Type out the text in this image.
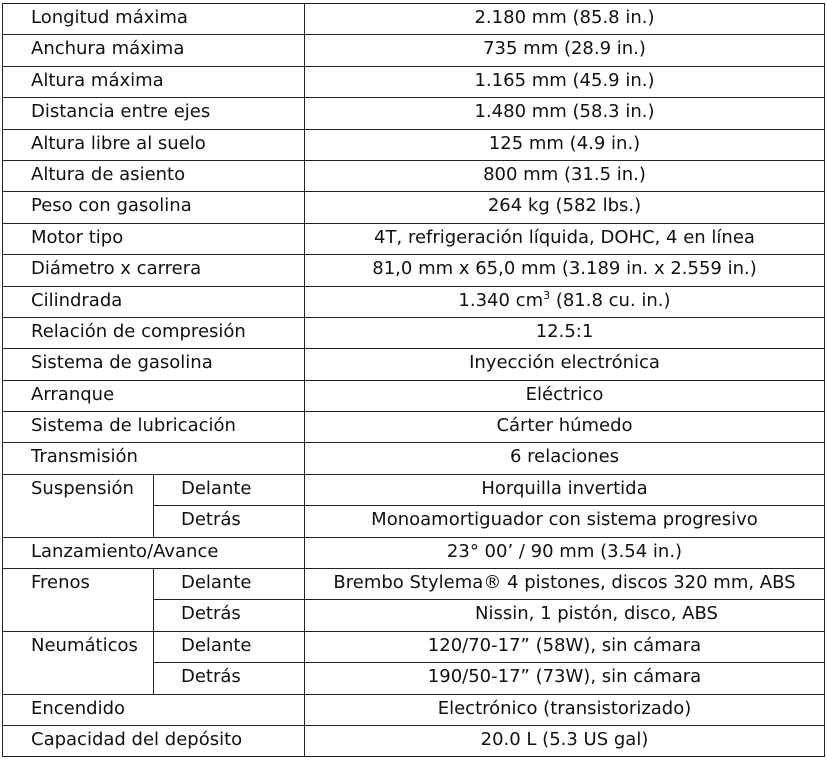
Longitud máxima		2.180 mm (85.8 in.)
Anchura máxima		735 mm (28.9 in.)
Altura máxima		1.165 mm (45.9 in.)
Distancia entre ejes		1.480 mm (58.3 in.)
Altura libre al suelo		125 mm (4.9 in.)
Altura de asiento		800 mm (31.5 in.)
Peso con gasolina		264 kg (582 lbs.)
Motor tipo		4T, refrigeración líquida, DOHC, 4 en línea
Diámetro x carrera		81,0 mm x 65,0 mm (3.189 in. x 2.559 in.)
Cilindrada		1.340 $cm^3$ (81.8 cu. in.)
Relación de compresión		12.5:1
Sistema de gasolina		Inyección electrónica
Arranque		Eléctrico
Sistema de lubricación		Cárter húmedo
Transmisión		6 relaciones
Suspensión	Delante	Horquilla invertida
	Detrás	Monoamortiguador con sistema progresivo
Lanzamiento/Avance		23° 00’ / 90 mm (3.54 in.)
Frenos	Delante	Brembo Stylema® 4 pistones, discos 320 mm, ABS
	Detrás	Nissin, 1 pistón, disco, ABS
Neumáticos	Delante	120/70-17” (58W), sin cámara
	Detrás	190/50-17” (73W), sin cámara
Encendido		Electrónico (transistorizado)
Capacidad del depósito		20.0 L (5.3 US gal)
